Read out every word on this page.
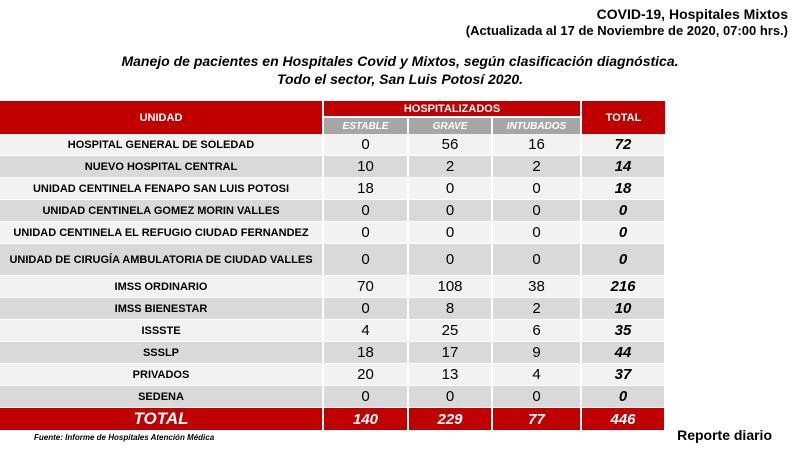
COVID-19, Hospitales Mixtos
(Actualizada al 17 de Noviembre de 2020, 07:00 hrs.)
Manejo de pacientes en Hospitales Covid y Mixtos, según clasificación diagnóstica.
Todo el sector, San Luis Potosí 2020.
UNIDAD	HOSPITALIZADOS			TOTAL
	ESTABLE	GRAVE	INTUBADOS	
HOSPITAL GENERAL DE SOLEDAD	0	56	16	72
NUEVO HOSPITAL CENTRAL	10	2	2	14
UNIDAD CENTINELA FENAPO SAN LUIS POTOSI	18	0	0	18
UNIDAD CENTINELA GOMEZ MORIN VALLES	0	0	0	0
UNIDAD CENTINELA EL REFUGIO CIUDAD FERNANDEZ	0	0	0	0
UNIDAD DE CIRUGÍA AMBULATORIA DE CIUDAD VALLES	0	0	0	0
IMSS ORDINARIO	70	108	38	216
IMSS BIENESTAR	0	8	2	10
ISSSTE	4	25	6	35
SSSLP	18	17	9	44
PRIVADOS	20	13	4	37
SEDENA	0	0	0	0
TOTAL	140	229	77	446
Fuente: Informe de Hospitales Atención Médica	Reporte diario
